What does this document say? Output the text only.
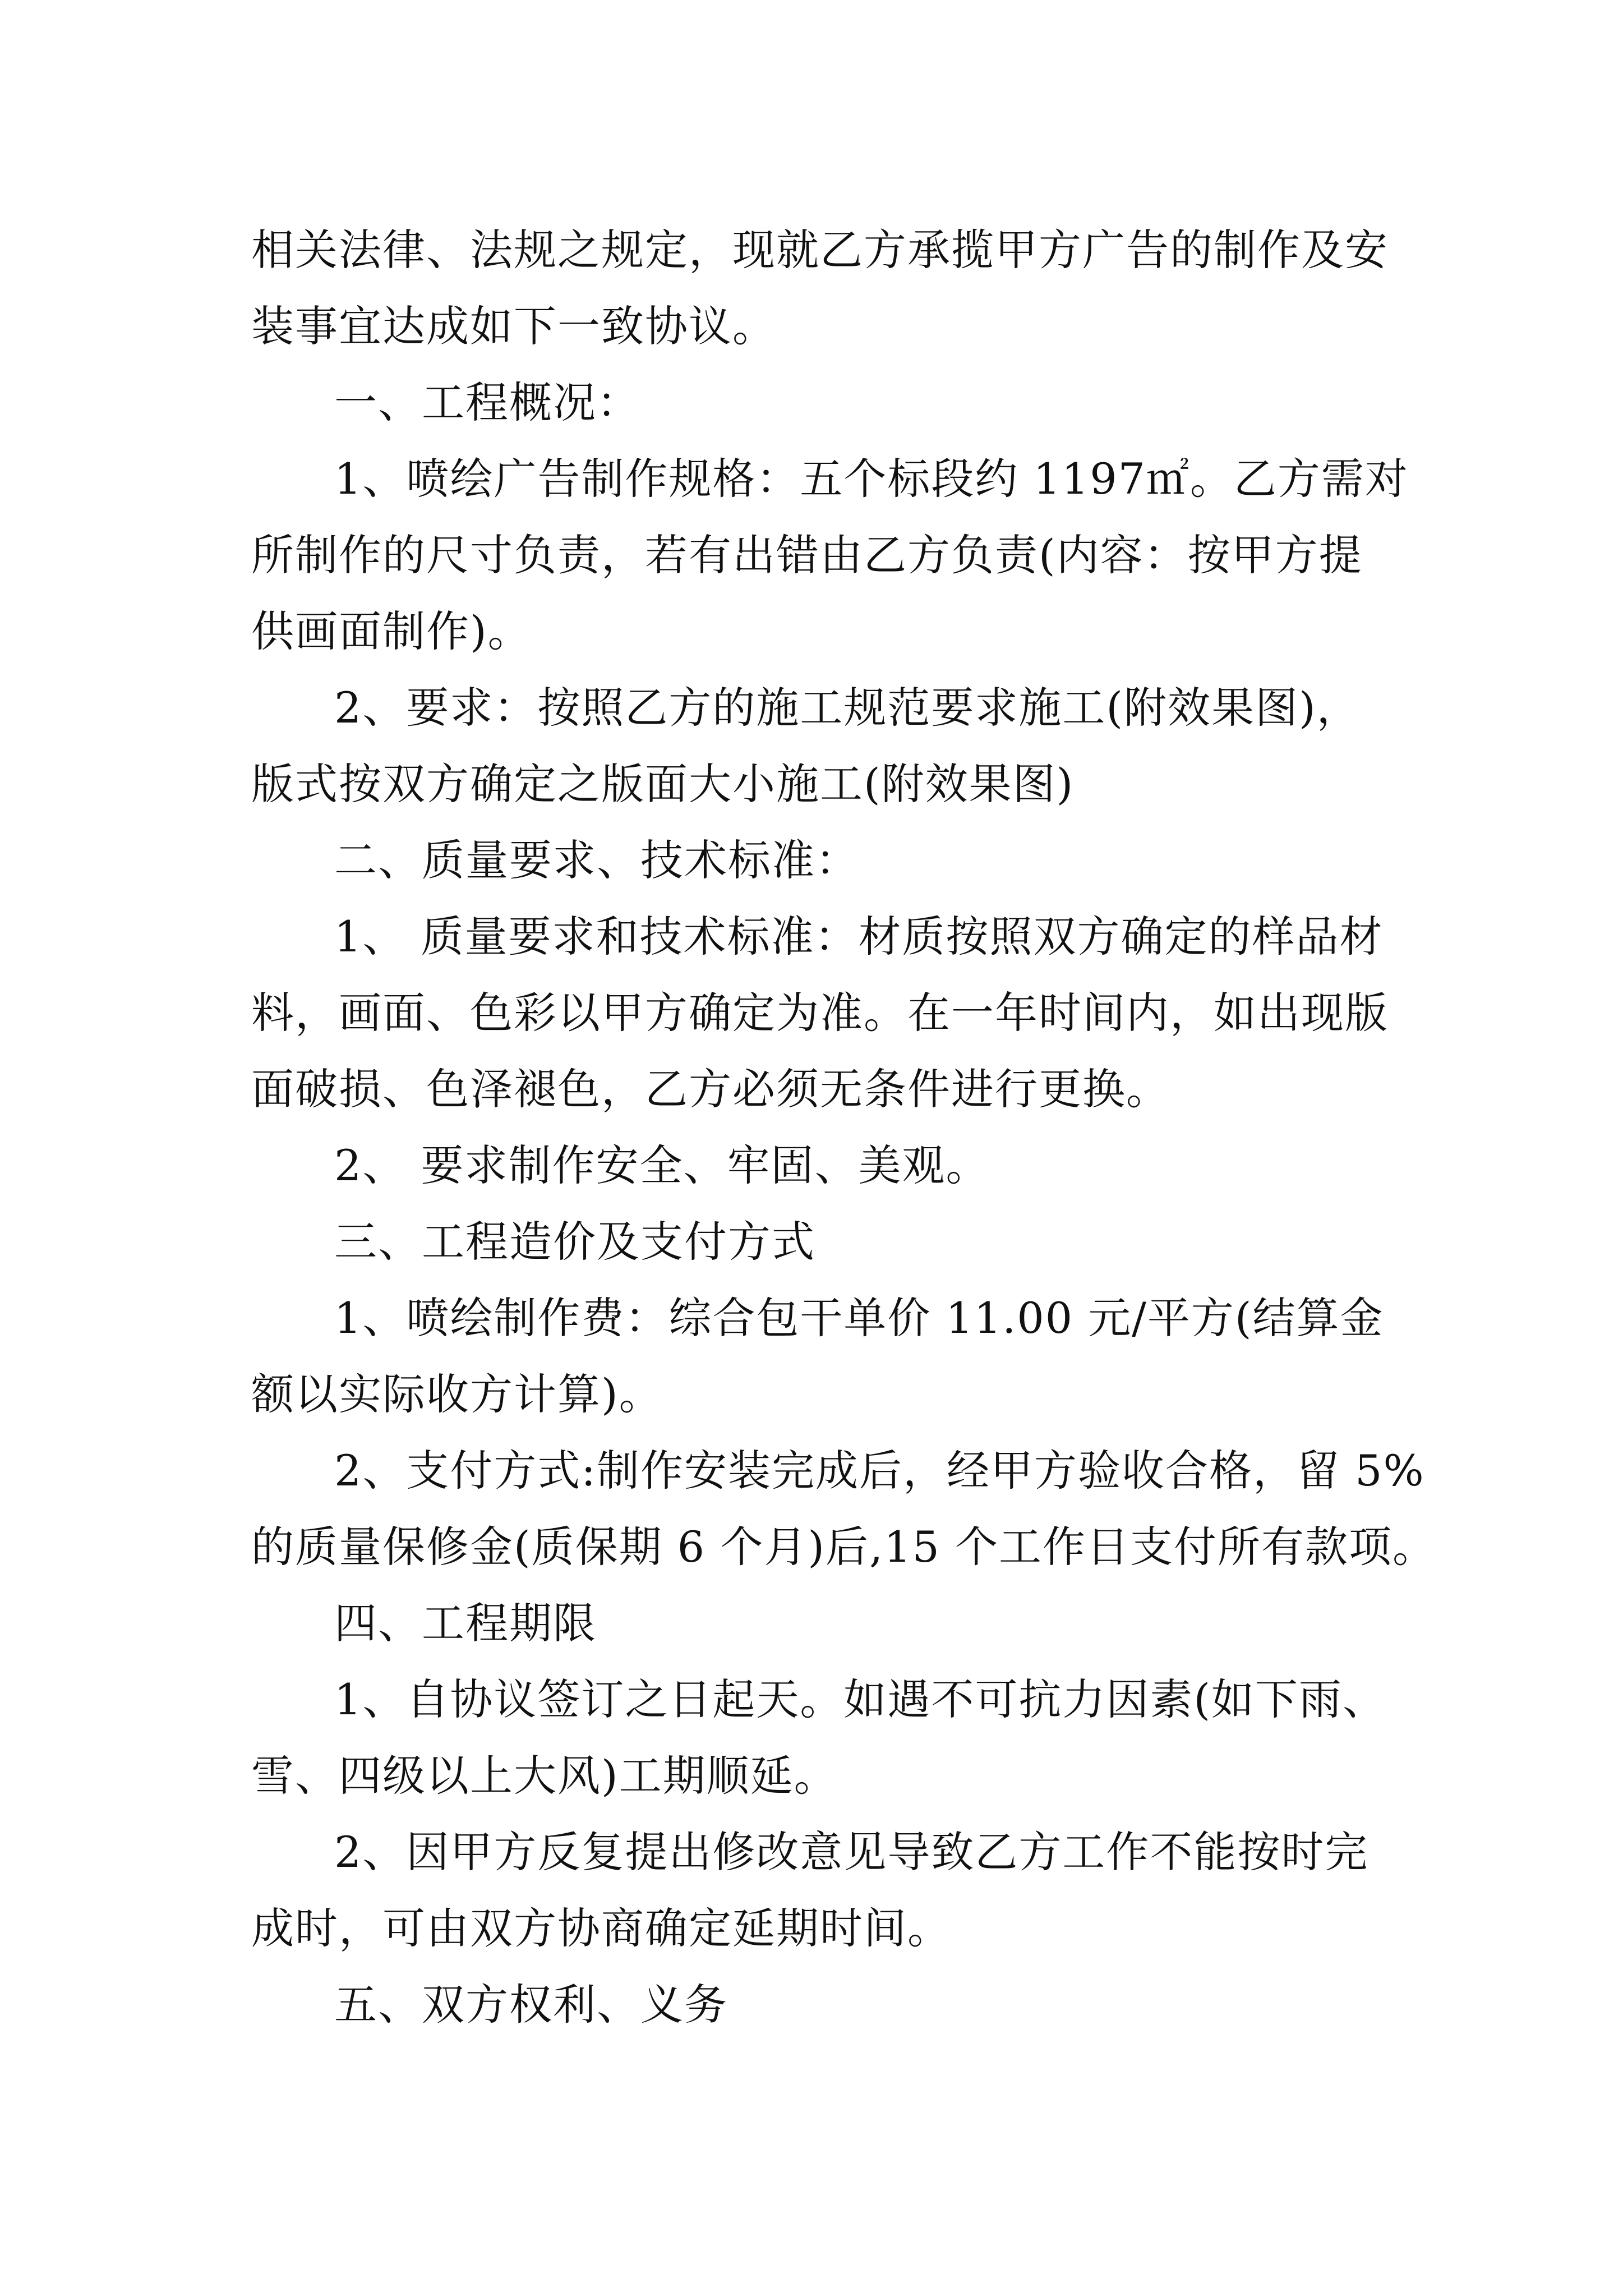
相关法律、法规之规定，现就乙方承揽甲方广告的制作及安
装事宜达成如下一致协议。
一、工程概况：
1、喷绘广告制作规格：五个标段约 1197㎡。乙方需对
所制作的尺寸负责，若有出错由乙方负责(内容：按甲方提
供画面制作)。
2、要求：按照乙方的施工规范要求施工(附效果图)，
版式按双方确定之版面大小施工(附效果图)
二、质量要求、技术标准：
1、 质量要求和技术标准：材质按照双方确定的样品材
料，画面、色彩以甲方确定为准。在一年时间内，如出现版
面破损、色泽褪色，乙方必须无条件进行更换。
2、 要求制作安全、牢固、美观。
三、工程造价及支付方式
1、喷绘制作费：综合包干单价 11.00 元/平方(结算金
额以实际收方计算)。
2、支付方式:制作安装完成后，经甲方验收合格，留 5%
的质量保修金(质保期 6 个月)后,15 个工作日支付所有款项。
四、工程期限
1、自协议签订之日起天。如遇不可抗力因素(如下雨、
雪、四级以上大风)工期顺延。
2、因甲方反复提出修改意见导致乙方工作不能按时完
成时，可由双方协商确定延期时间。
五、双方权利、义务
